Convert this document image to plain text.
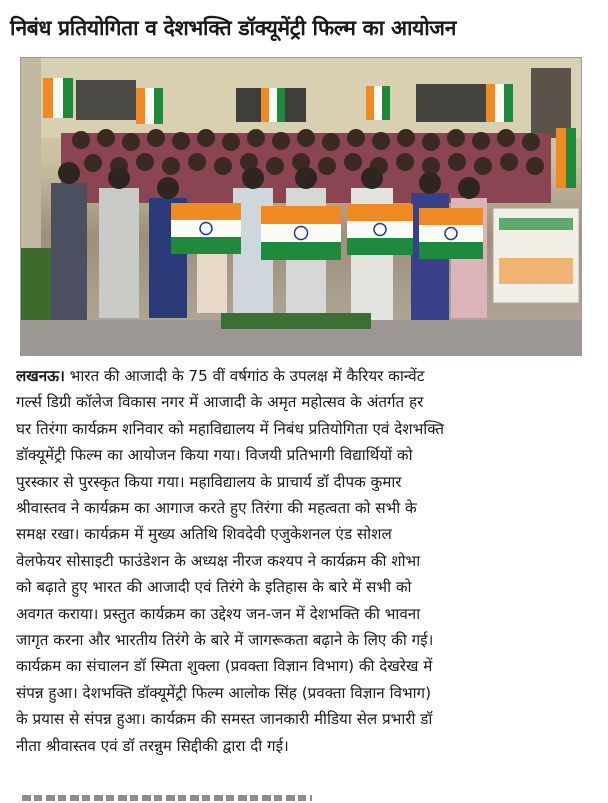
निबंध प्रतियोगिता व देशभक्ति डॉक्यूमेंट्री फिल्म का आयोजन
लखनऊ। भारत की आजादी के 75 वीं वर्षगांठ के उपलक्ष में कैरियर कान्वेंट
गर्ल्स डिग्री कॉलेज विकास नगर में आजादी के अमृत महोत्सव के अंतर्गत हर
घर तिरंगा कार्यक्रम शनिवार को महाविद्यालय में निबंध प्रतियोगिता एवं देशभक्ति
डॉक्यूमेंट्री फिल्म का आयोजन किया गया। विजयी प्रतिभागी विद्यार्थियों को
पुरस्कार से पुरस्कृत किया गया। महाविद्यालय के प्राचार्य डॉ दीपक कुमार
श्रीवास्तव ने कार्यक्रम का आगाज करते हुए तिरंगा की महत्वता को सभी के
समक्ष रखा। कार्यक्रम में मुख्य अतिथि शिवदेवी एजुकेशनल एंड सोशल
वेलफेयर सोसाइटी फाउंडेशन के अध्यक्ष नीरज कश्यप ने कार्यक्रम की शोभा
को बढ़ाते हुए भारत की आजादी एवं तिरंगे के इतिहास के बारे में सभी को
अवगत कराया। प्रस्तुत कार्यक्रम का उद्देश्य जन-जन में देशभक्ति की भावना
जागृत करना और भारतीय तिरंगे के बारे में जागरूकता बढ़ाने के लिए की गई।
कार्यक्रम का संचालन डॉ स्मिता शुक्ला (प्रवक्ता विज्ञान विभाग) की देखरेख में
संपन्न हुआ। देशभक्ति डॉक्यूमेंट्री फिल्म आलोक सिंह (प्रवक्ता विज्ञान विभाग)
के प्रयास से संपन्न हुआ। कार्यक्रम की समस्त जानकारी मीडिया सेल प्रभारी डॉ
नीता श्रीवास्तव एवं डॉ तरन्नुम सिद्दीकी द्वारा दी गई।
